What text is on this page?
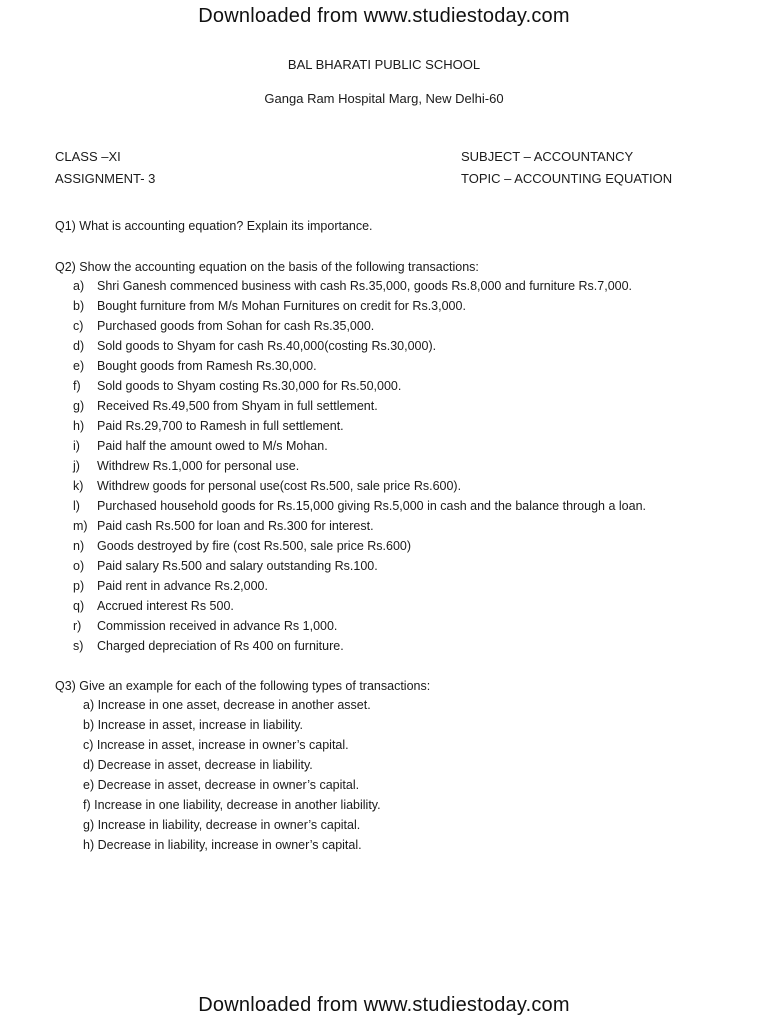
Downloaded from www.studiestoday.com
BAL BHARATI PUBLIC SCHOOL
Ganga Ram Hospital Marg, New Delhi-60
CLASS –XI
ASSIGNMENT- 3
SUBJECT – ACCOUNTANCY
TOPIC – ACCOUNTING EQUATION
Q1) What is accounting equation? Explain its importance.
Q2) Show the accounting equation on the basis of the following transactions:
a) Shri Ganesh commenced business with cash Rs.35,000, goods Rs.8,000 and furniture Rs.7,000.
b) Bought furniture from M/s Mohan Furnitures on credit for Rs.3,000.
c) Purchased goods from Sohan for cash Rs.35,000.
d) Sold goods to Shyam for cash Rs.40,000(costing Rs.30,000).
e) Bought goods from Ramesh Rs.30,000.
f) Sold goods to Shyam costing Rs.30,000 for Rs.50,000.
g) Received Rs.49,500 from Shyam in full settlement.
h) Paid Rs.29,700 to Ramesh in full settlement.
i) Paid half the amount owed to M/s Mohan.
j) Withdrew Rs.1,000 for personal use.
k) Withdrew goods for personal use(cost Rs.500, sale price Rs.600).
l) Purchased household goods for Rs.15,000 giving Rs.5,000 in cash and the balance through a loan.
m) Paid cash Rs.500 for loan and Rs.300 for interest.
n) Goods destroyed by fire (cost Rs.500, sale price Rs.600)
o) Paid salary Rs.500 and salary outstanding Rs.100.
p) Paid rent in advance Rs.2,000.
q) Accrued interest Rs 500.
r) Commission received in advance Rs 1,000.
s) Charged depreciation of Rs 400 on furniture.
Q3) Give an example for each of the following types of transactions:
a) Increase in one asset, decrease in another asset.
b) Increase in asset, increase in liability.
c) Increase in asset, increase in owner’s capital.
d) Decrease in asset, decrease in liability.
e) Decrease in asset, decrease in owner’s capital.
f) Increase in one liability, decrease in another liability.
g) Increase in liability, decrease in owner’s capital.
h) Decrease in liability, increase in owner’s capital.
Downloaded from www.studiestoday.com
